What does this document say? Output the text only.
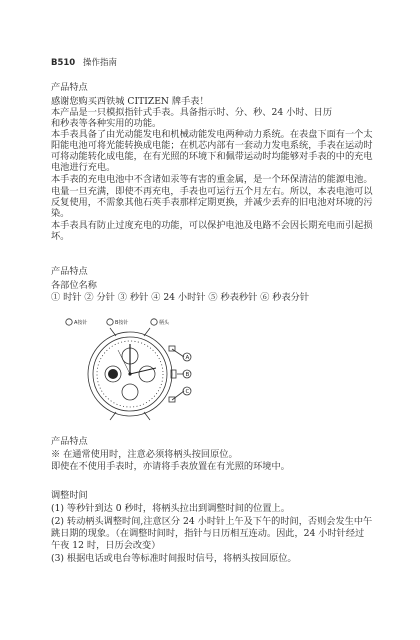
B510 操作指南
产品特点
感谢您购买西铁城 CITIZEN 牌手表！
本产品是一只模拟指针式手表。具备指示时、分、秒、24 小时、日历
和秒表等各种实用的功能。
本手表具备了由光动能发电和机械动能发电两种动力系统。在表盘下面有一个太
阳能电池可将光能转换成电能；在机芯内部有一套动力发电系统，手表在运动时
可将动能转化成电能，在有光照的环境下和佩带运动时均能够对手表的中的充电
电池进行充电。
本手表的充电电池中不含诸如汞等有害的重金属，是一个环保清洁的能源电池。
电量一旦充满，即使不再充电，手表也可运行五个月左右。所以，本表电池可以
反复使用，不需象其他石英手表那样定期更换，并减少丢弃的旧电池对环境的污
染。
本手表具有防止过度充电的功能，可以保护电池及电路不会因长期充电而引起损
坏。
产品特点
各部位名称
① 时针 ② 分针 ③ 秒针 ④ 24 小时针 ⑤ 秒表秒针 ⑥ 秒表分针
A按针	B按针	柄头
A
B
C
产品特点
※ 在通常使用时，注意必须将柄头按回原位。
即使在不使用手表时，亦请将手表放置在有光照的环境中。
调整时间
(1) 等秒针到达 0 秒时，将柄头拉出到调整时间的位置上。
(2) 转动柄头调整时间,注意区分 24 小时针上午及下午的时间，否则会发生中午
跳日期的现象。（在调整时间时，指针与日历相互连动。因此，24 小时针经过
午夜 12 时，日历会改变）
(3) 根据电话或电台等标准时间报时信号，将柄头按回原位。
